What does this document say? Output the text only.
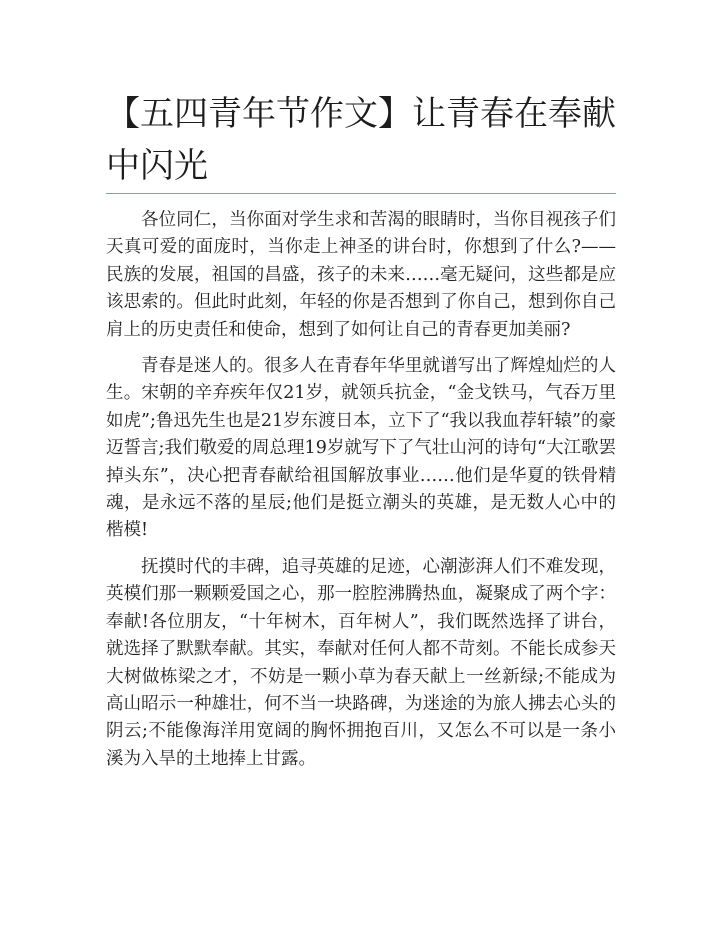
【五四青年节作文】让青春在奉献中闪光

各位同仁，当你面对学生求和苦渴的眼睛时，当你目视孩子们天真可爱的面庞时，当你走上神圣的讲台时，你想到了什么?——民族的发展，祖国的昌盛，孩子的未来……毫无疑问，这些都是应该思索的。但此时此刻，年轻的你是否想到了你自己，想到你自己肩上的历史责任和使命，想到了如何让自己的青春更加美丽?

青春是迷人的。很多人在青春年华里就谱写出了辉煌灿烂的人生。宋朝的辛弃疾年仅21岁，就领兵抗金，“金戈铁马，气吞万里如虎”;鲁迅先生也是21岁东渡日本，立下了“我以我血荐轩辕”的豪迈誓言;我们敬爱的周总理19岁就写下了气壮山河的诗句“大江歌罢掉头东”，决心把青春献给祖国解放事业……他们是华夏的铁骨精魂，是永远不落的星辰;他们是挺立潮头的英雄，是无数人心中的楷模!

抚摸时代的丰碑，追寻英雄的足迹，心潮澎湃人们不难发现，英模们那一颗颗爱国之心，那一腔腔沸腾热血，凝聚成了两个字：奉献!各位朋友，“十年树木，百年树人”，我们既然选择了讲台，就选择了默默奉献。其实，奉献对任何人都不苛刻。不能长成参天大树做栋梁之才，不妨是一颗小草为春天献上一丝新绿;不能成为高山昭示一种雄壮，何不当一块路碑，为迷途的为旅人拂去心头的阴云;不能像海洋用宽阔的胸怀拥抱百川，又怎么不可以是一条小溪为入旱的土地捧上甘露。
